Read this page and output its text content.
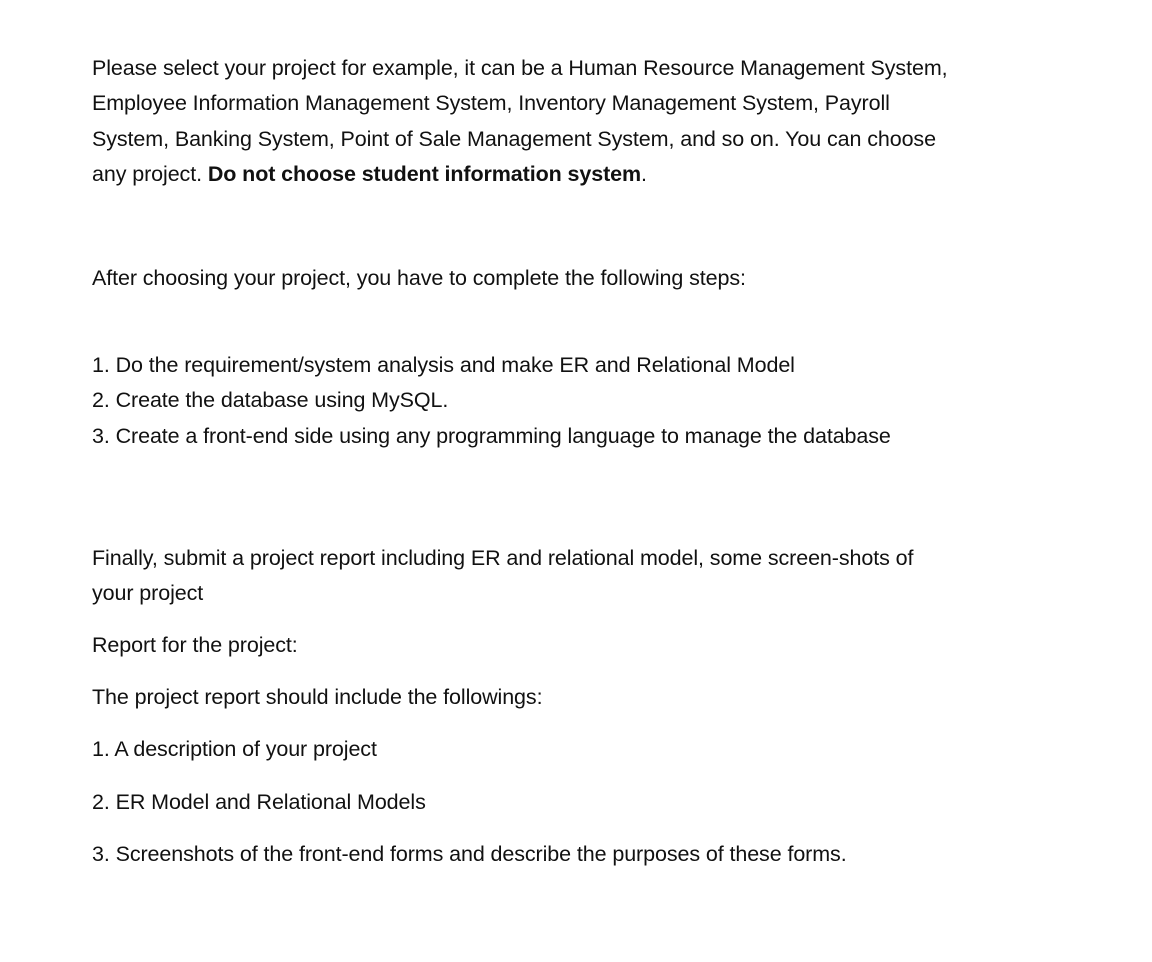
Please select your project for example, it can be a Human Resource Management System,
Employee Information Management System, Inventory Management System, Payroll
System, Banking System, Point of Sale Management System, and so on. You can choose
any project. Do not choose student information system.
After choosing your project, you have to complete the following steps:
1. Do the requirement/system analysis and make ER and Relational Model
2. Create the database using MySQL.
3. Create a front-end side using any programming language to manage the database
Finally, submit a project report including ER and relational model, some screen-shots of
your project
Report for the project:
The project report should include the followings:
1. A description of your project
2. ER Model and Relational Models
3. Screenshots of the front-end forms and describe the purposes of these forms.
